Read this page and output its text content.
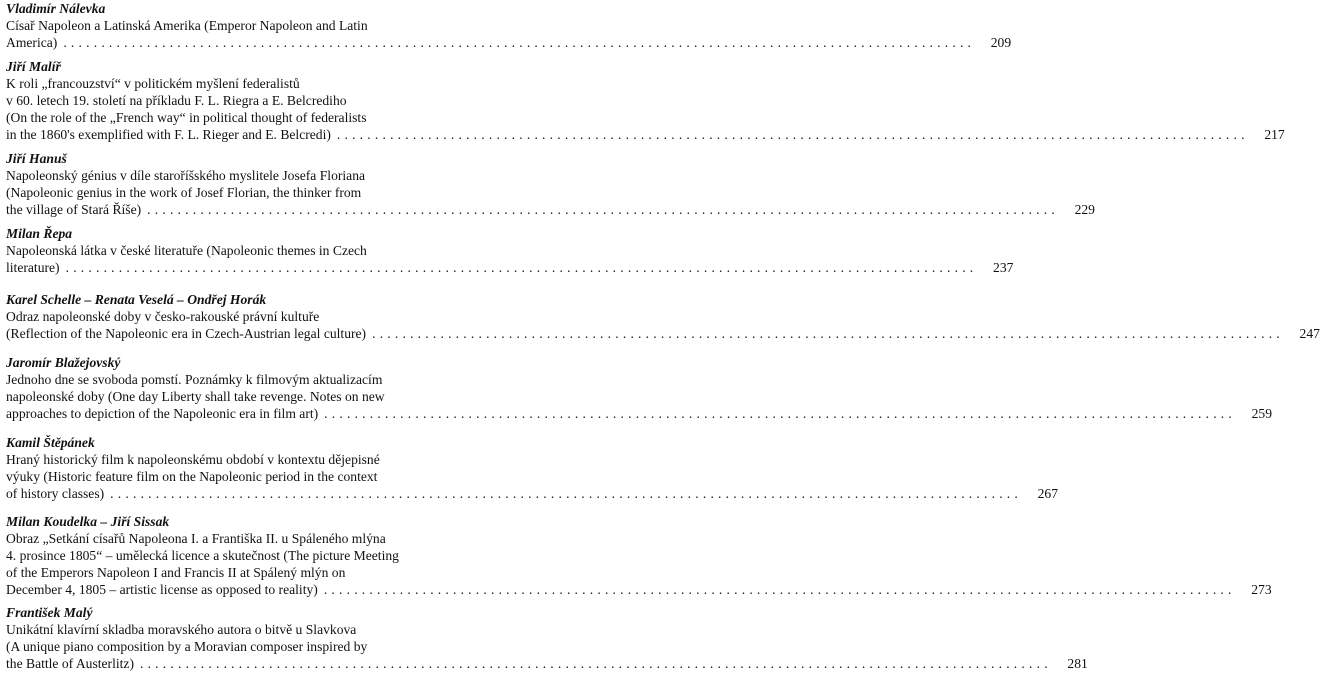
Vladimír Nálevka
Císař Napoleon a Latinská Amerika (Emperor Napoleon and Latin
America) ........................................................................................................................	209
Jiří Malíř
K roli „francouzství“ v politickém myšlení federalistů
v 60. letech 19. století na příkladu F. L. Riegra a E. Belcrediho
(On the role of the „French way“ in political thought of federalists
in the 1860's exemplified with F. L. Rieger and E. Belcredi) ........................................................................................................................	217
Jiří Hanuš
Napoleonský génius v díle staroříšského myslitele Josefa Floriana
(Napoleonic genius in the work of Josef Florian, the thinker from
the village of Stará Říše) ........................................................................................................................	229
Milan Řepa
Napoleonská látka v české literatuře (Napoleonic themes in Czech
literature) ........................................................................................................................	237
Karel Schelle – Renata Veselá – Ondřej Horák
Odraz napoleonské doby v česko-rakouské právní kultuře
(Reflection of the Napoleonic era in Czech-Austrian legal culture) ........................................................................................................................	247
Jaromír Blažejovský
Jednoho dne se svoboda pomstí. Poznámky k filmovým aktualizacím
napoleonské doby (One day Liberty shall take revenge. Notes on new
approaches to depiction of the Napoleonic era in film art) ........................................................................................................................	259
Kamil Štěpánek
Hraný historický film k napoleonskému období v kontextu dějepisné
výuky (Historic feature film on the Napoleonic period in the context
of history classes) ........................................................................................................................	267
Milan Koudelka – Jiří Sissak
Obraz „Setkání císařů Napoleona I. a Františka II. u Spáleného mlýna
4. prosince 1805“ – umělecká licence a skutečnost (The picture Meeting
of the Emperors Napoleon I and Francis II at Spálený mlýn on
December 4, 1805 – artistic license as opposed to reality) ........................................................................................................................	273
František Malý
Unikátní klavírní skladba moravského autora o bitvě u Slavkova
(A unique piano composition by a Moravian composer inspired by
the Battle of Austerlitz) ........................................................................................................................	281
